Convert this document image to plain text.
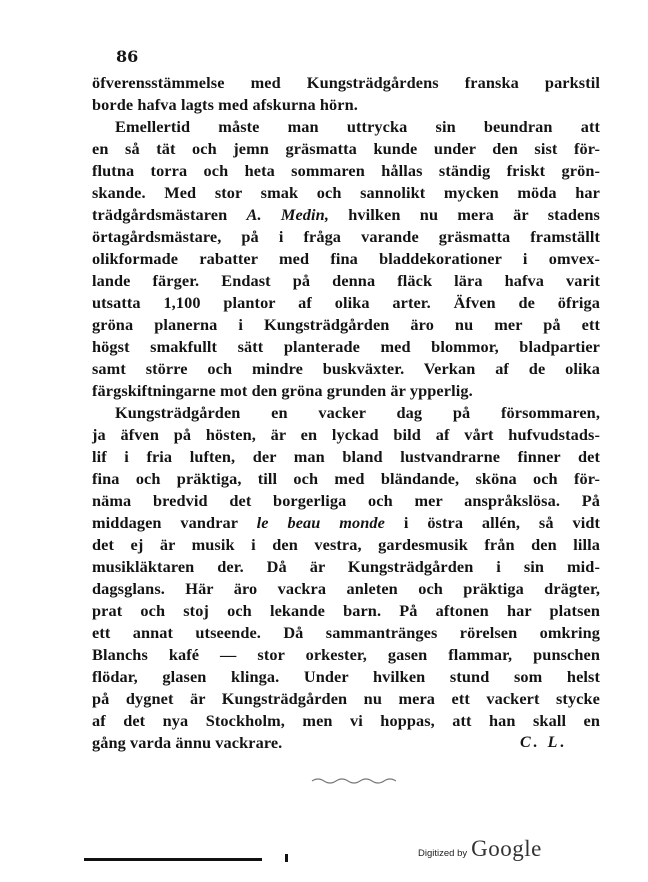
86
öfverensstämmelse med Kungsträdgårdens franska parkstil
borde hafva lagts med afskurna hörn.
Emellertid måste man uttrycka sin beundran att
en så tät och jemn gräsmatta kunde under den sist för-
flutna torra och heta sommaren hållas ständig friskt grön-
skande. Med stor smak och sannolikt mycken möda har
trädgårdsmästaren A. Medin, hvilken nu mera är stadens
örtagårdsmästare, på i fråga varande gräsmatta framställt
olikformade rabatter med fina bladdekorationer i omvex-
lande färger. Endast på denna fläck lära hafva varit
utsatta 1,100 plantor af olika arter. Äfven de öfriga
gröna planerna i Kungsträdgården äro nu mer på ett
högst smakfullt sätt planterade med blommor, bladpartier
samt större och mindre buskväxter. Verkan af de olika
färgskiftningarne mot den gröna grunden är ypperlig.
Kungsträdgården en vacker dag på försommaren,
ja äfven på hösten, är en lyckad bild af vårt hufvudstads-
lif i fria luften, der man bland lustvandrarne finner det
fina och präktiga, till och med bländande, sköna och för-
näma bredvid det borgerliga och mer anspråkslösa. På
middagen vandrar le beau monde i östra allén, så vidt
det ej är musik i den vestra, gardesmusik från den lilla
musikläktaren der. Då är Kungsträdgården i sin mid-
dagsglans. Här äro vackra anleten och präktiga drägter,
prat och stoj och lekande barn. På aftonen har platsen
ett annat utseende. Då sammantränges rörelsen omkring
Blanchs kafé — stor orkester, gasen flammar, punschen
flödar, glasen klinga. Under hvilken stund som helst
på dygnet är Kungsträdgården nu mera ett vackert stycke
af det nya Stockholm, men vi hoppas, att han skall en
gång varda ännu vackrare.	C. L.
Digitized by Google
